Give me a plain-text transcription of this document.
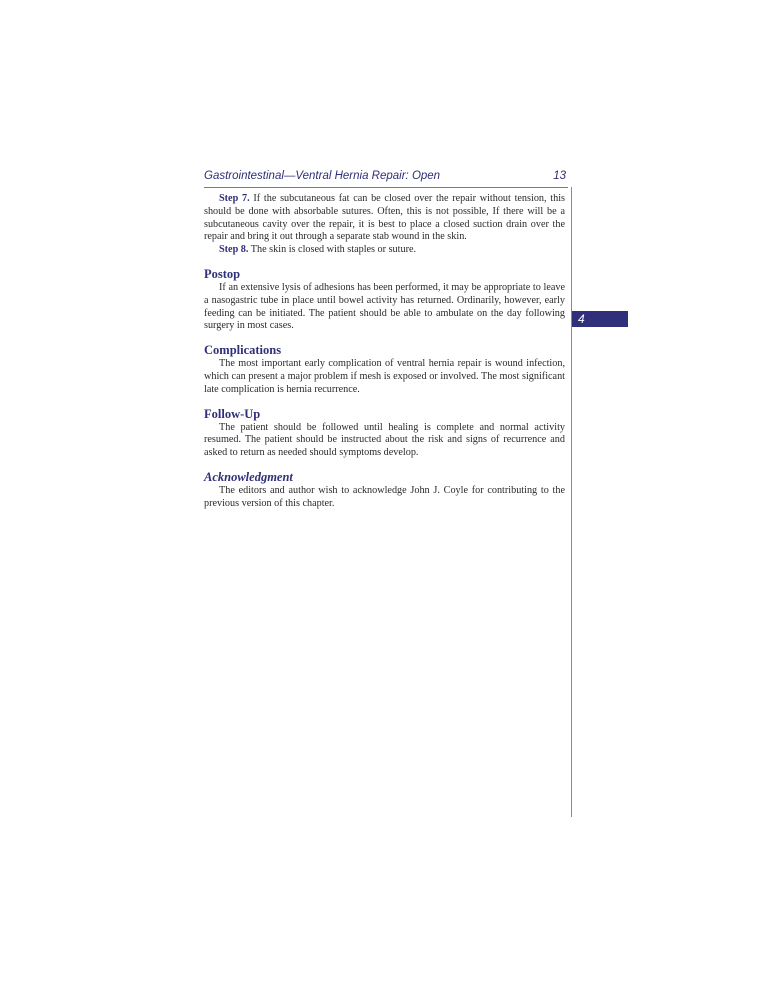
Gastrointestinal—Ventral Hernia Repair: Open	13
4

Step 7. If the subcutaneous fat can be closed over the repair without tension, this should be done with absorbable sutures. Often, this is not possible, If there will be a subcutaneous cavity over the repair, it is best to place a closed suction drain over the repair and bring it out through a separate stab wound in the skin.

Step 8. The skin is closed with staples or suture.

Postop

If an extensive lysis of adhesions has been performed, it may be appropriate to leave a nasogastric tube in place until bowel activity has returned. Ordinarily, however, early feeding can be initiated. The patient should be able to ambulate on the day following surgery in most cases.

Complications

The most important early complication of ventral hernia repair is wound infection, which can present a major problem if mesh is exposed or involved. The most significant late complication is hernia recurrence.

Follow-Up

The patient should be followed until healing is complete and normal activity resumed. The patient should be instructed about the risk and signs of recurrence and asked to return as needed should symptoms develop.

Acknowledgment

The editors and author wish to acknowledge John J. Coyle for contributing to the previous version of this chapter.
